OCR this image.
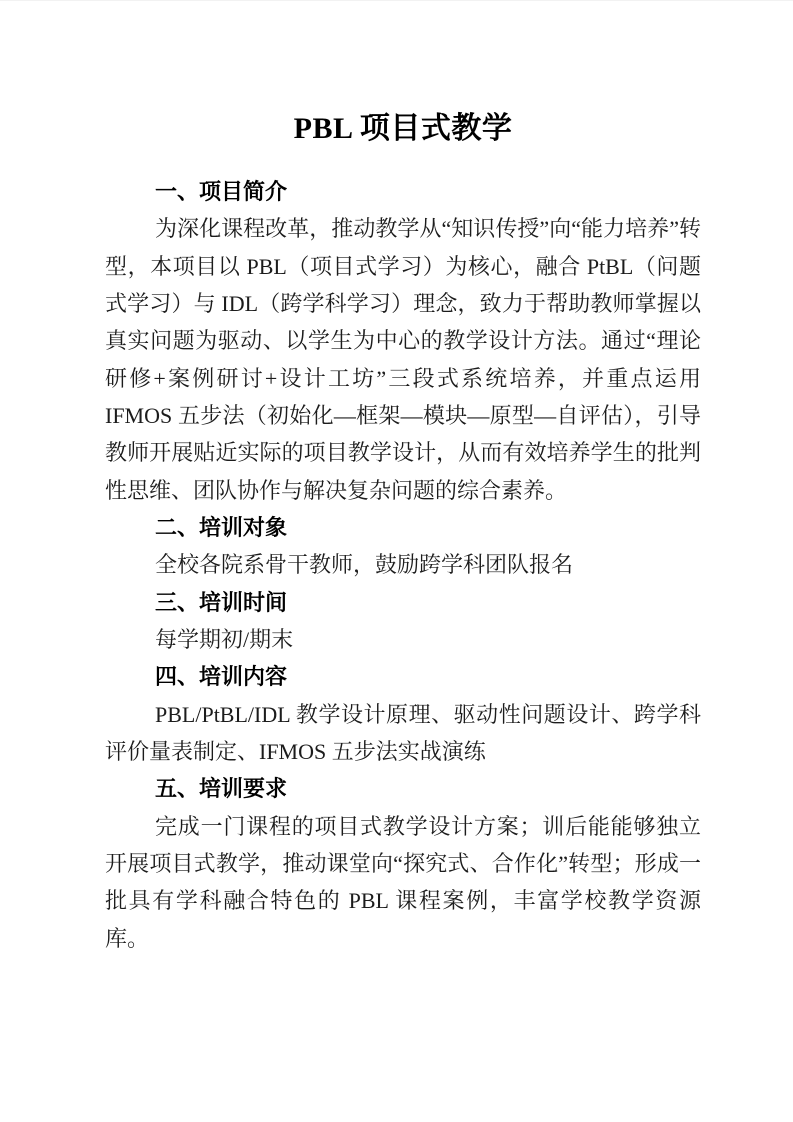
PBL 项目式教学
一、项目简介

为深化课程改革，推动教学从“知识传授”向“能力培养”转型，本项目以 PBL（项目式学习）为核心，融合 PtBL（问题式学习）与 IDL（跨学科学习）理念，致力于帮助教师掌握以真实问题为驱动、以学生为中心的教学设计方法。通过“理论研修+案例研讨+设计工坊”三段式系统培养，并重点运用 IFMOS 五步法（初始化—框架—模块—原型—自评估），引导教师开展贴近实际的项目教学设计，从而有效培养学生的批判性思维、团队协作与解决复杂问题的综合素养。

二、培训对象

全校各院系骨干教师，鼓励跨学科团队报名

三、培训时间

每学期初/期末

四、培训内容

PBL/PtBL/IDL 教学设计原理、驱动性问题设计、跨学科评价量表制定、IFMOS 五步法实战演练

五、培训要求

完成一门课程的项目式教学设计方案；训后能能够独立开展项目式教学，推动课堂向“探究式、合作化”转型；形成一批具有学科融合特色的 PBL 课程案例，丰富学校教学资源库。
